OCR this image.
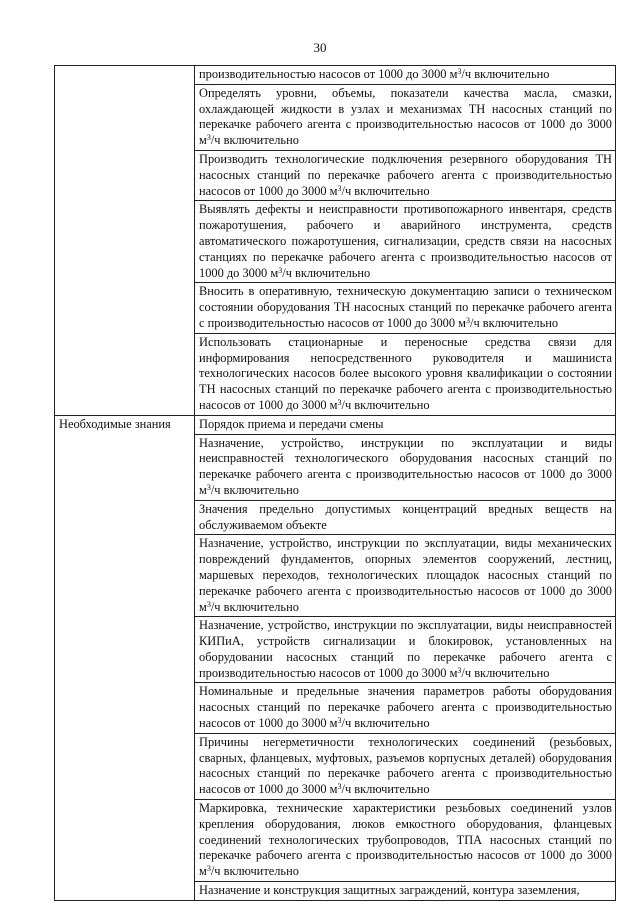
30
	производительностью насосов от 1000 до 3000 $м^3/ч$ включительно
	Определять уровни, объемы, показатели качества масла, смазки, охлаждающей жидкости в узлах и механизмах ТН насосных станций по перекачке рабочего агента с производительностью насосов от 1000 до 3000 $м^3/ч$ включительно
	Производить технологические подключения резервного оборудования ТН насосных станций по перекачке рабочего агента с производительностью насосов от 1000 до 3000 $м^3/ч$ включительно
	Выявлять дефекты и неисправности противопожарного инвентаря, средств пожаротушения, рабочего и аварийного инструмента, средств автоматического пожаротушения, сигнализации, средств связи на насосных станциях по перекачке рабочего агента с производительностью насосов от 1000 до 3000 $м^3/ч$ включительно
	Вносить в оперативную, техническую документацию записи о техническом состоянии оборудования ТН насосных станций по перекачке рабочего агента с производительностью насосов от 1000 до 3000 $м^3/ч$ включительно
	Использовать стационарные и переносные средства связи для информирования непосредственного руководителя и машиниста технологических насосов более высокого уровня квалификации о состоянии ТН насосных станций по перекачке рабочего агента с производительностью насосов от 1000 до 3000 $м^3/ч$ включительно
Необходимые знания	Порядок приема и передачи смены
	Назначение, устройство, инструкции по эксплуатации и виды неисправностей технологического оборудования насосных станций по перекачке рабочего агента с производительностью насосов от 1000 до 3000 $м^3/ч$ включительно
	Значения предельно допустимых концентраций вредных веществ на обслуживаемом объекте
	Назначение, устройство, инструкции по эксплуатации, виды механических повреждений фундаментов, опорных элементов сооружений, лестниц, маршевых переходов, технологических площадок насосных станций по перекачке рабочего агента с производительностью насосов от 1000 до 3000 $м^3/ч$ включительно
	Назначение, устройство, инструкции по эксплуатации, виды неисправностей КИПиА, устройств сигнализации и блокировок, установленных на оборудовании насосных станций по перекачке рабочего агента с производительностью насосов от 1000 до 3000 $м^3/ч$ включительно
	Номинальные и предельные значения параметров работы оборудования насосных станций по перекачке рабочего агента с производительностью насосов от 1000 до 3000 $м^3/ч$ включительно
	Причины негерметичности технологических соединений (резьбовых, сварных, фланцевых, муфтовых, разъемов корпусных деталей) оборудования насосных станций по перекачке рабочего агента с производительностью насосов от 1000 до 3000 $м^3/ч$ включительно
	Маркировка, технические характеристики резьбовых соединений узлов крепления оборудования, люков емкостного оборудования, фланцевых соединений технологических трубопроводов, ТПА насосных станций по перекачке рабочего агента с производительностью насосов от 1000 до 3000 $м^3/ч$ включительно
	Назначение и конструкция защитных заграждений, контура заземления,
